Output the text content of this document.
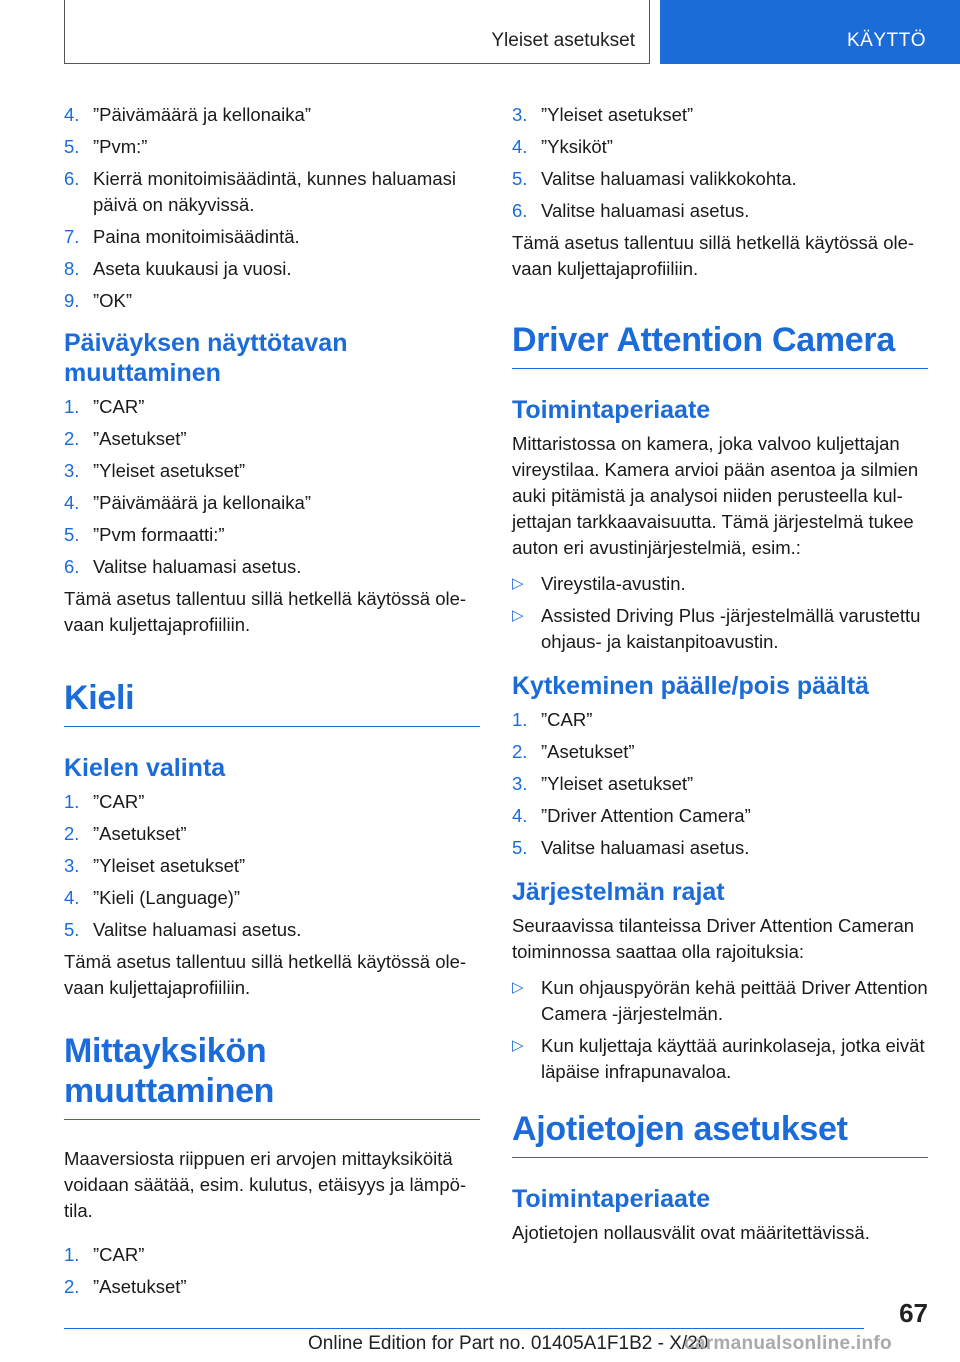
Yleiset asetukset	KÄYTTÖ
4. ”Päivämäärä ja kellonaika”
5. ”Pvm:”
6. Kierrä monitoimisäädintä, kunnes haluamasi päivä on näkyvissä.
7. Paina monitoimisäädintä.
8. Aseta kuukausi ja vuosi.
9. ”OK”
Päiväyksen näyttötavan muuttaminen
1. ”CAR”
2. ”Asetukset”
3. ”Yleiset asetukset”
4. ”Päivämäärä ja kellonaika”
5. ”Pvm formaatti:”
6. Valitse haluamasi asetus.

Tämä asetus tallentuu sillä hetkellä käytössä olevaan kuljettajaprofiiliin.

Kieli
Kielen valinta
1. ”CAR”
2. ”Asetukset”
3. ”Yleiset asetukset”
4. ”Kieli (Language)”
5. Valitse haluamasi asetus.

Tämä asetus tallentuu sillä hetkellä käytössä olevaan kuljettajaprofiiliin.

Mittayksikön muuttaminen

Maaversiosta riippuen eri arvojen mittayksiköitä voidaan säätää, esim. kulutus, etäisyys ja lämpötila.

1. ”CAR”
2. ”Asetukset”
3. ”Yleiset asetukset”
4. ”Yksiköt”
5. Valitse haluamasi valikkokohta.
6. Valitse haluamasi asetus.

Tämä asetus tallentuu sillä hetkellä käytössä olevaan kuljettajaprofiiliin.

Driver Attention Camera
Toimintaperiaate

Mittaristossa on kamera, joka valvoo kuljettajan vireystilaa. Kamera arvioi pään asentoa ja silmien auki pitämistä ja analysoi niiden perusteella kuljettajan tarkkaavaisuutta. Tämä järjestelmä tukee auton eri avustinjärjestelmiä, esim.:

▷ Vireystila-avustin.
▷ Assisted Driving Plus -järjestelmällä varustettu ohjaus- ja kaistanpitoavustin.
Kytkeminen päälle/pois päältä
1. ”CAR”
2. ”Asetukset”
3. ”Yleiset asetukset”
4. ”Driver Attention Camera”
5. Valitse haluamasi asetus.
Järjestelmän rajat

Seuraavissa tilanteissa Driver Attention Cameran toiminnossa saattaa olla rajoituksia:

▷ Kun ohjauspyörän kehä peittää Driver Attention Camera -järjestelmän.
▷ Kun kuljettaja käyttää aurinkolaseja, jotka eivät läpäise infrapunavaloa.
Ajotietojen asetukset
Toimintaperiaate

Ajotietojen nollausvälit ovat määritettävissä.

67
Online Edition for Part no. 01405A1F1B2 - X/20
carmanualsonline.info
